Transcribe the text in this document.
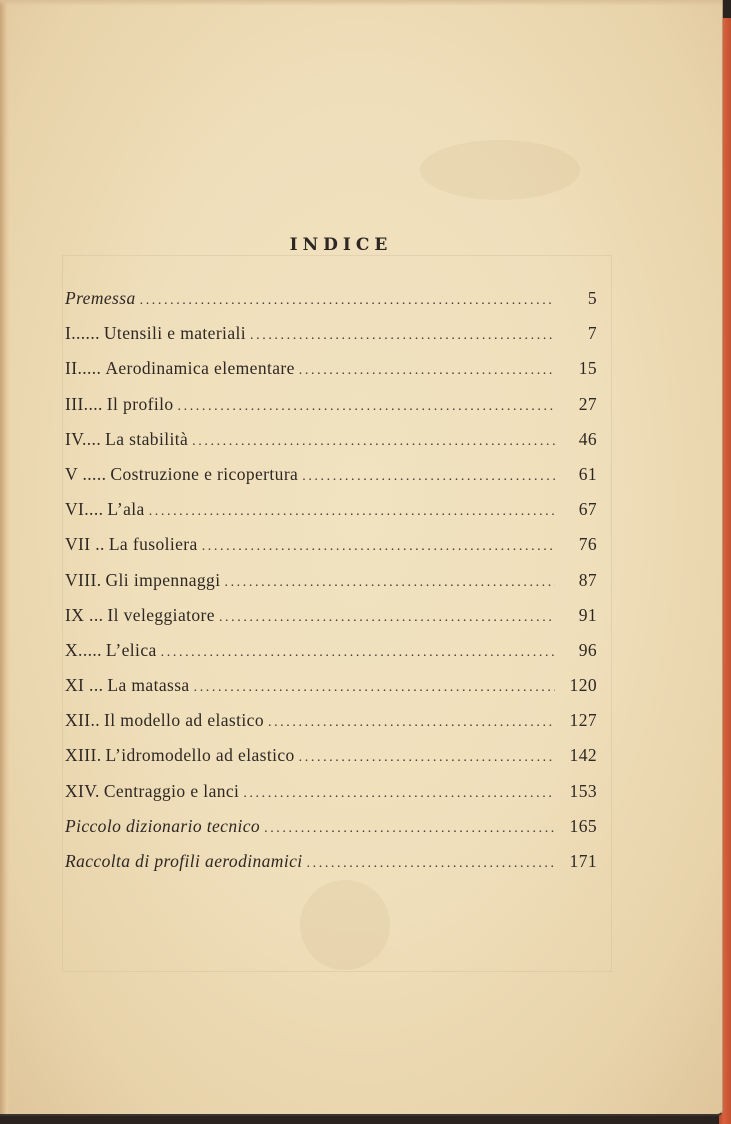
INDICE
Premessa .....	5
I...... Utensili e materiali .....	7
II..... Aerodinamica elementare .....	15
III.... Il profilo .....	27
IV.... La stabilità .....	46
V ..... Costruzione e ricopertura .....	61
VI.... L’ala .....	67
VII .. La fusoliera .....	76
VIII. Gli impennaggi .....	87
IX ... Il veleggiatore .....	91
X..... L’elica .....	96
XI ... La matassa .....	120
XII.. Il modello ad elastico .....	127
XIII. L’idromodello ad elastico .....	142
XIV. Centraggio e lanci .....	153
Piccolo dizionario tecnico .....	165
Raccolta di profili aerodinamici .....	171
